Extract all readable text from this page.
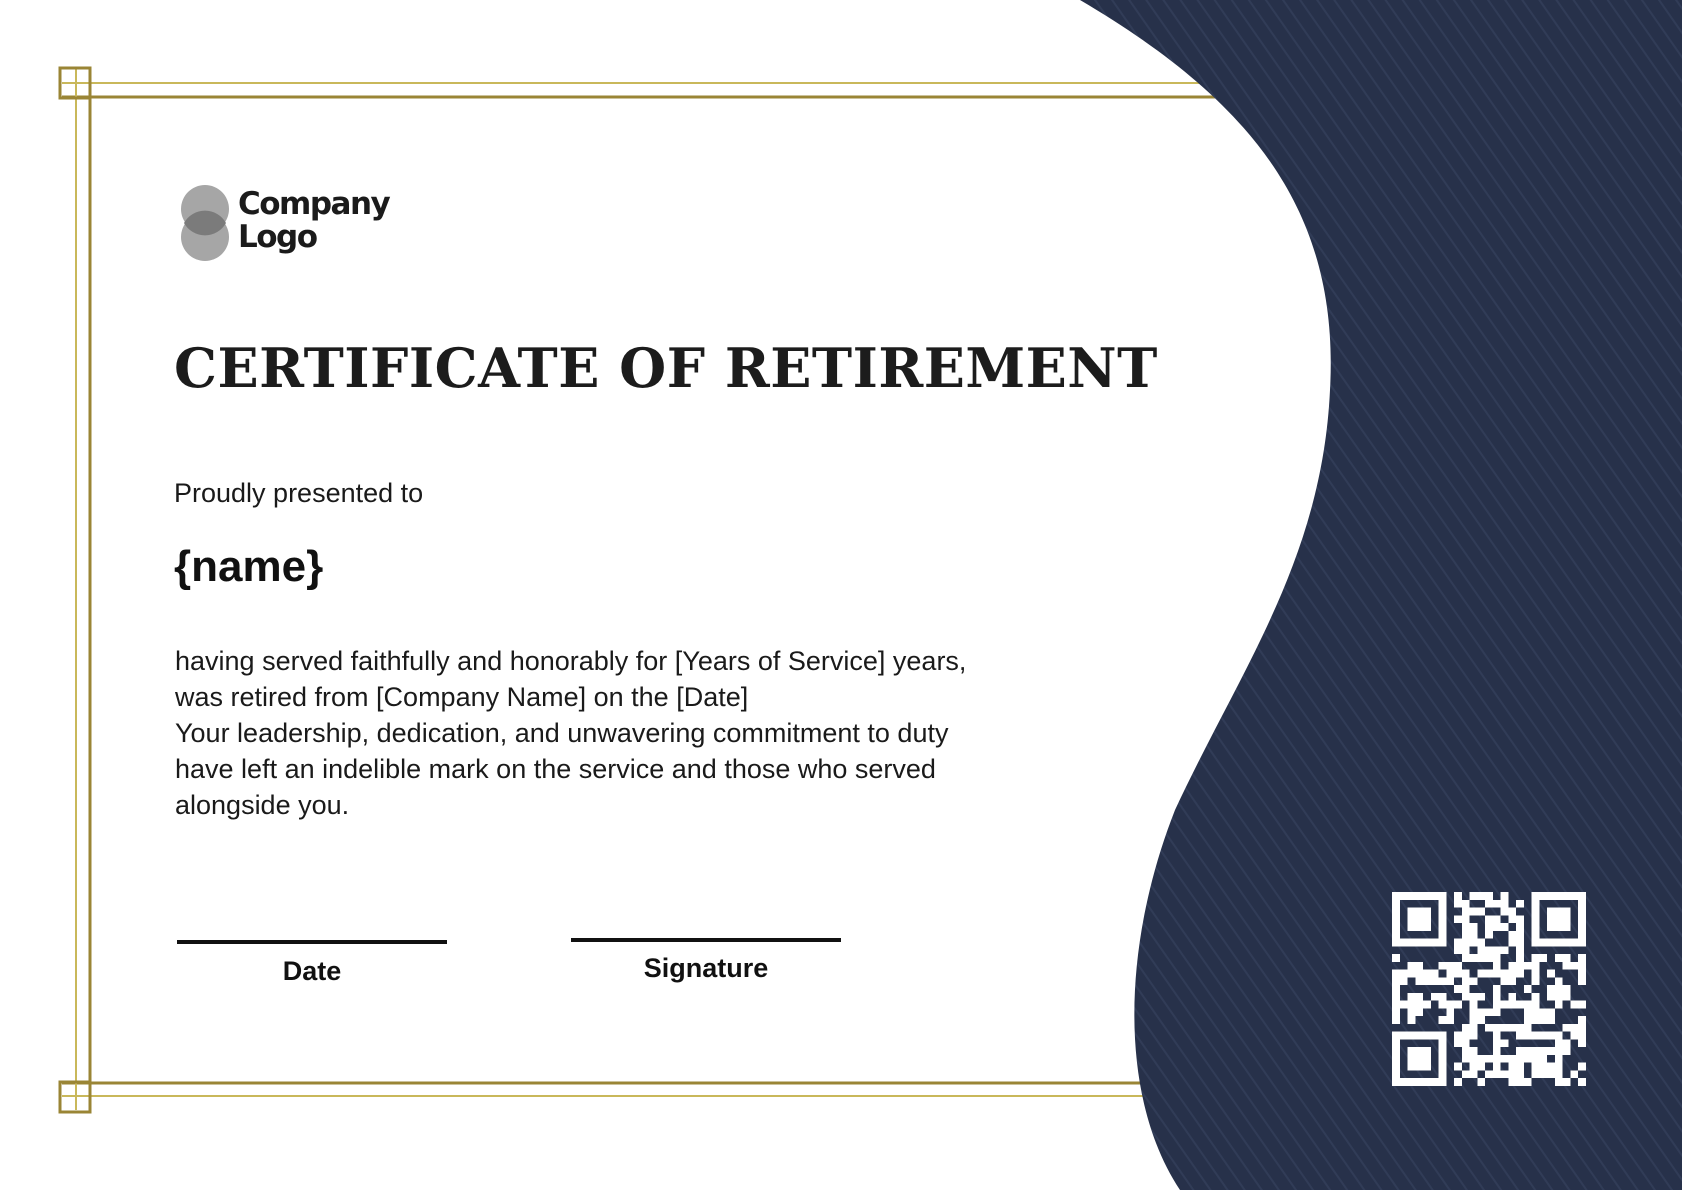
Company
Logo
CERTIFICATE OF RETIREMENT
Proudly presented to
{name}
having served faithfully and honorably for [Years of Service] years,
was retired from [Company Name] on the [Date]
Your leadership, dedication, and unwavering commitment to duty
have left an indelible mark on the service and those who served
alongside you.
Date	Signature
